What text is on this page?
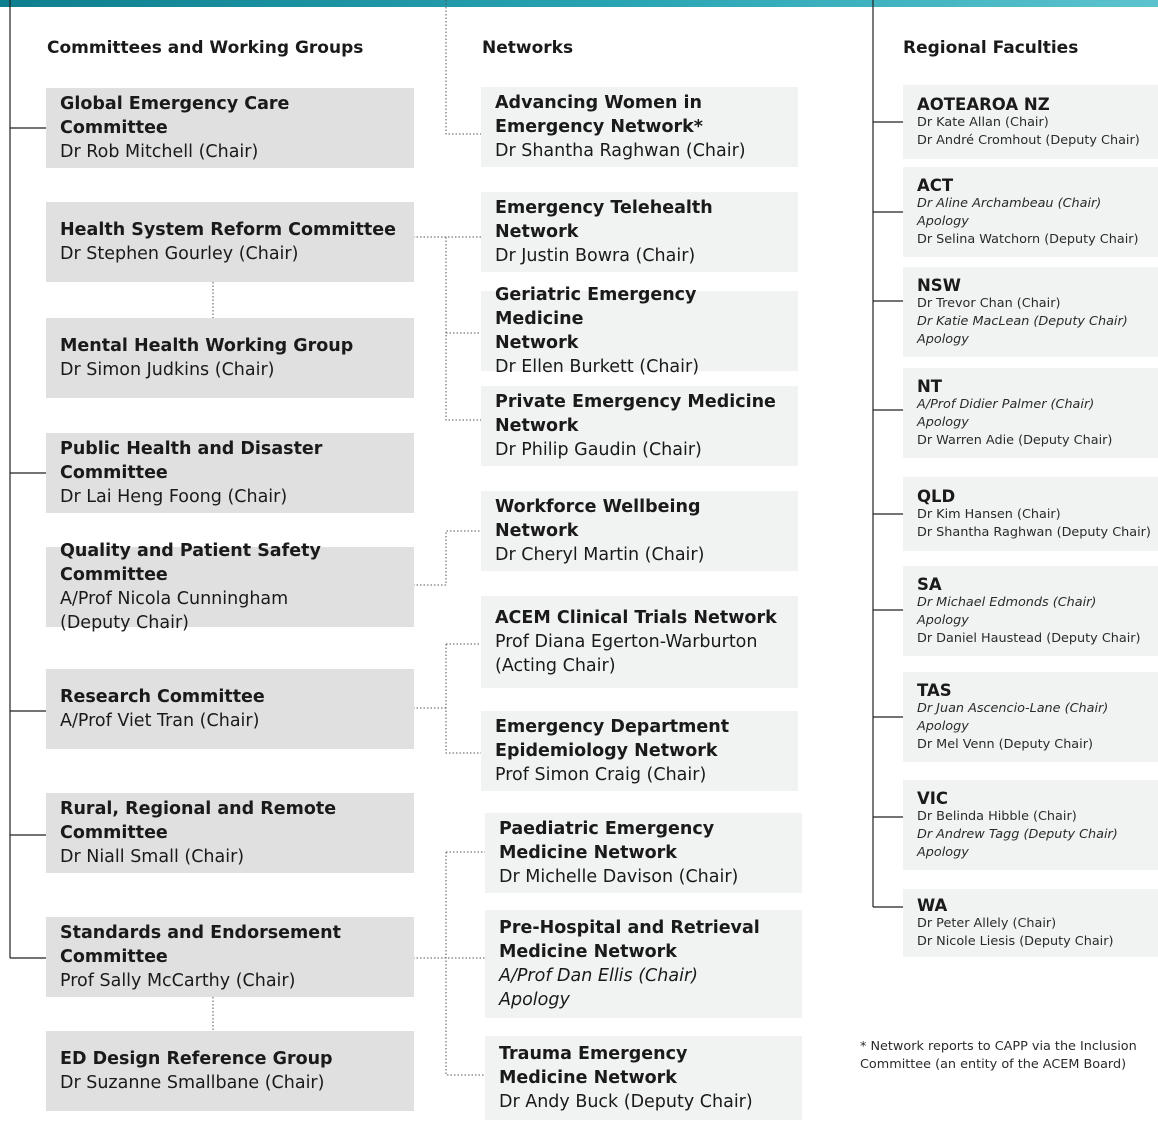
Committees and Working Groups	Networks	Regional Faculties
Global Emergency Care Committee
Dr Rob Mitchell (Chair)
Health System Reform Committee
Dr Stephen Gourley (Chair)
Mental Health Working Group
Dr Simon Judkins (Chair)
Public Health and Disaster Committee
Dr Lai Heng Foong (Chair)
Quality and Patient Safety Committee
A/Prof Nicola Cunningham
(Deputy Chair)
Research Committee
A/Prof Viet Tran (Chair)
Rural, Regional and Remote Committee
Dr Niall Small (Chair)
Standards and Endorsement Committee
Prof Sally McCarthy (Chair)
ED Design Reference Group
Dr Suzanne Smallbane (Chair)
Advancing Women in
Emergency Network*
Dr Shantha Raghwan (Chair)
Emergency Telehealth Network
Dr Justin Bowra (Chair)
Geriatric Emergency Medicine
Network
Dr Ellen Burkett (Chair)
Private Emergency Medicine
Network
Dr Philip Gaudin (Chair)
Workforce Wellbeing Network
Dr Cheryl Martin (Chair)
ACEM Clinical Trials Network
Prof Diana Egerton-Warburton
(Acting Chair)
Emergency Department
Epidemiology Network
Prof Simon Craig (Chair)
Paediatric Emergency
Medicine Network
Dr Michelle Davison (Chair)
Pre-Hospital and Retrieval
Medicine Network
A/Prof Dan Ellis (Chair)
Apology
Trauma Emergency
Medicine Network
Dr Andy Buck (Deputy Chair)
AOTEAROA NZ
Dr Kate Allan (Chair)
Dr André Cromhout (Deputy Chair)
ACT
Dr Aline Archambeau (Chair)
Apology
Dr Selina Watchorn (Deputy Chair)
NSW
Dr Trevor Chan (Chair)
Dr Katie MacLean (Deputy Chair)
Apology
NT
A/Prof Didier Palmer (Chair)
Apology
Dr Warren Adie (Deputy Chair)
QLD
Dr Kim Hansen (Chair)
Dr Shantha Raghwan (Deputy Chair)
SA
Dr Michael Edmonds (Chair)
Apology
Dr Daniel Haustead (Deputy Chair)
TAS
Dr Juan Ascencio-Lane (Chair)
Apology
Dr Mel Venn (Deputy Chair)
VIC
Dr Belinda Hibble (Chair)
Dr Andrew Tagg (Deputy Chair)
Apology
WA
Dr Peter Allely (Chair)
Dr Nicole Liesis (Deputy Chair)
* Network reports to CAPP via the Inclusion Committee (an entity of the ACEM Board)
